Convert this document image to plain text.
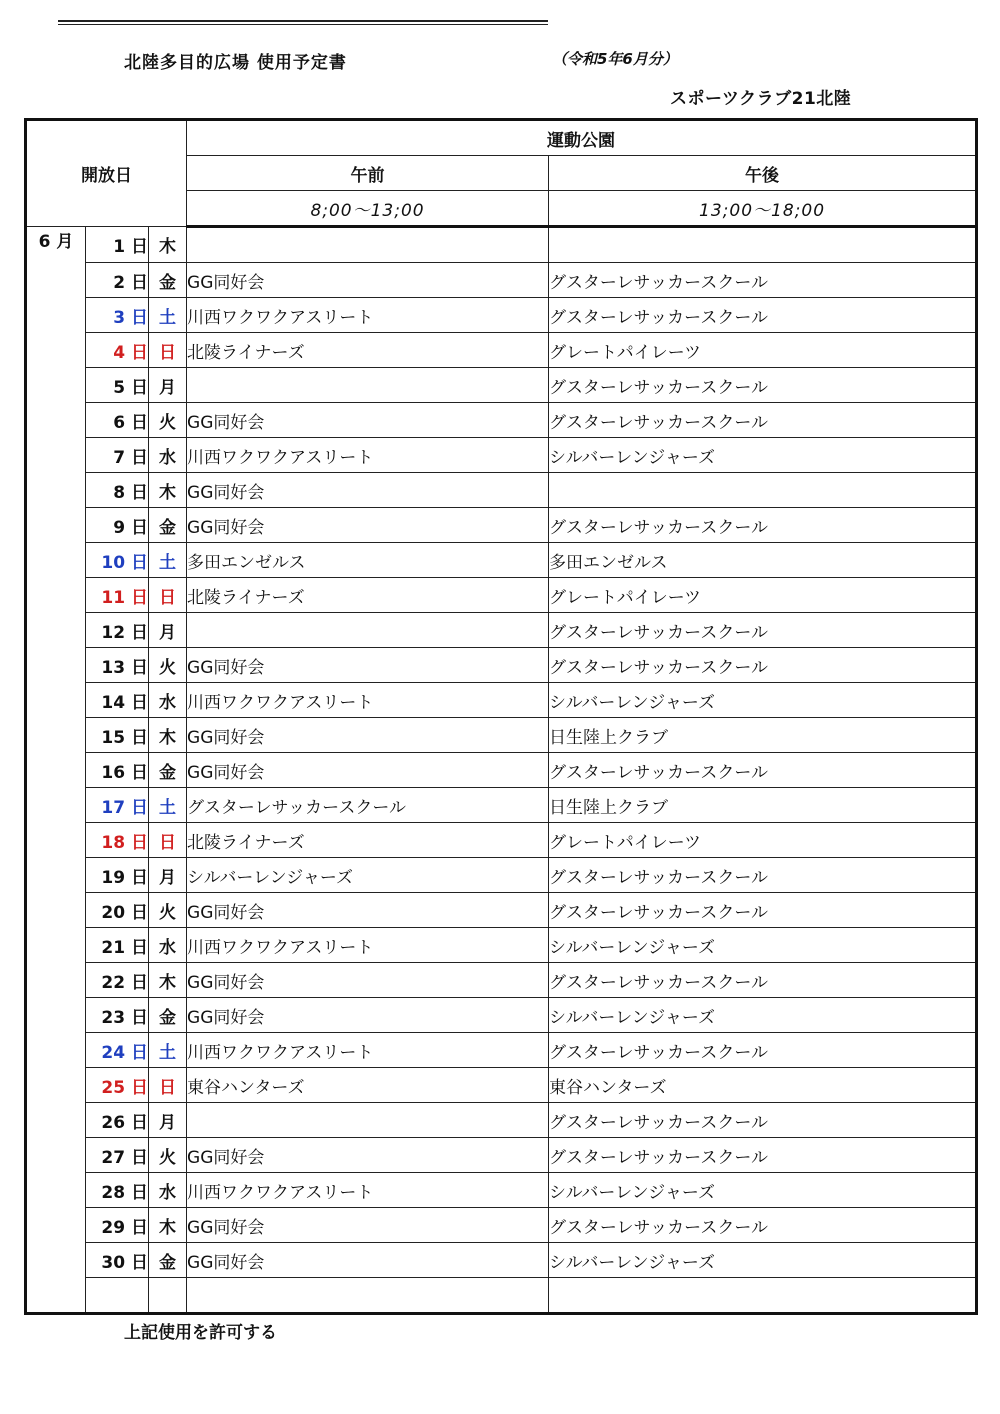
北陸多目的広場 使用予定書	（令和5年6月分）
スポーツクラブ21北陸
開放日			運動公園	
			午前	午後
			8;00～13;00	13;00～18;00
6 月	1 日	木		
	2 日	金	GG同好会	グスターレサッカースクール
	3 日	土	川西ワクワクアスリート	グスターレサッカースクール
	4 日	日	北陵ライナーズ	グレートパイレーツ
	5 日	月		グスターレサッカースクール
	6 日	火	GG同好会	グスターレサッカースクール
	7 日	水	川西ワクワクアスリート	シルバーレンジャーズ
	8 日	木	GG同好会	
	9 日	金	GG同好会	グスターレサッカースクール
	10 日	土	多田エンゼルス	多田エンゼルス
	11 日	日	北陵ライナーズ	グレートパイレーツ
	12 日	月		グスターレサッカースクール
	13 日	火	GG同好会	グスターレサッカースクール
	14 日	水	川西ワクワクアスリート	シルバーレンジャーズ
	15 日	木	GG同好会	日生陸上クラブ
	16 日	金	GG同好会	グスターレサッカースクール
	17 日	土	グスターレサッカースクール	日生陸上クラブ
	18 日	日	北陵ライナーズ	グレートパイレーツ
	19 日	月	シルバーレンジャーズ	グスターレサッカースクール
	20 日	火	GG同好会	グスターレサッカースクール
	21 日	水	川西ワクワクアスリート	シルバーレンジャーズ
	22 日	木	GG同好会	グスターレサッカースクール
	23 日	金	GG同好会	シルバーレンジャーズ
	24 日	土	川西ワクワクアスリート	グスターレサッカースクール
	25 日	日	東谷ハンターズ	東谷ハンターズ
	26 日	月		グスターレサッカースクール
	27 日	火	GG同好会	グスターレサッカースクール
	28 日	水	川西ワクワクアスリート	シルバーレンジャーズ
	29 日	木	GG同好会	グスターレサッカースクール
	30 日	金	GG同好会	シルバーレンジャーズ

上記使用を許可する
